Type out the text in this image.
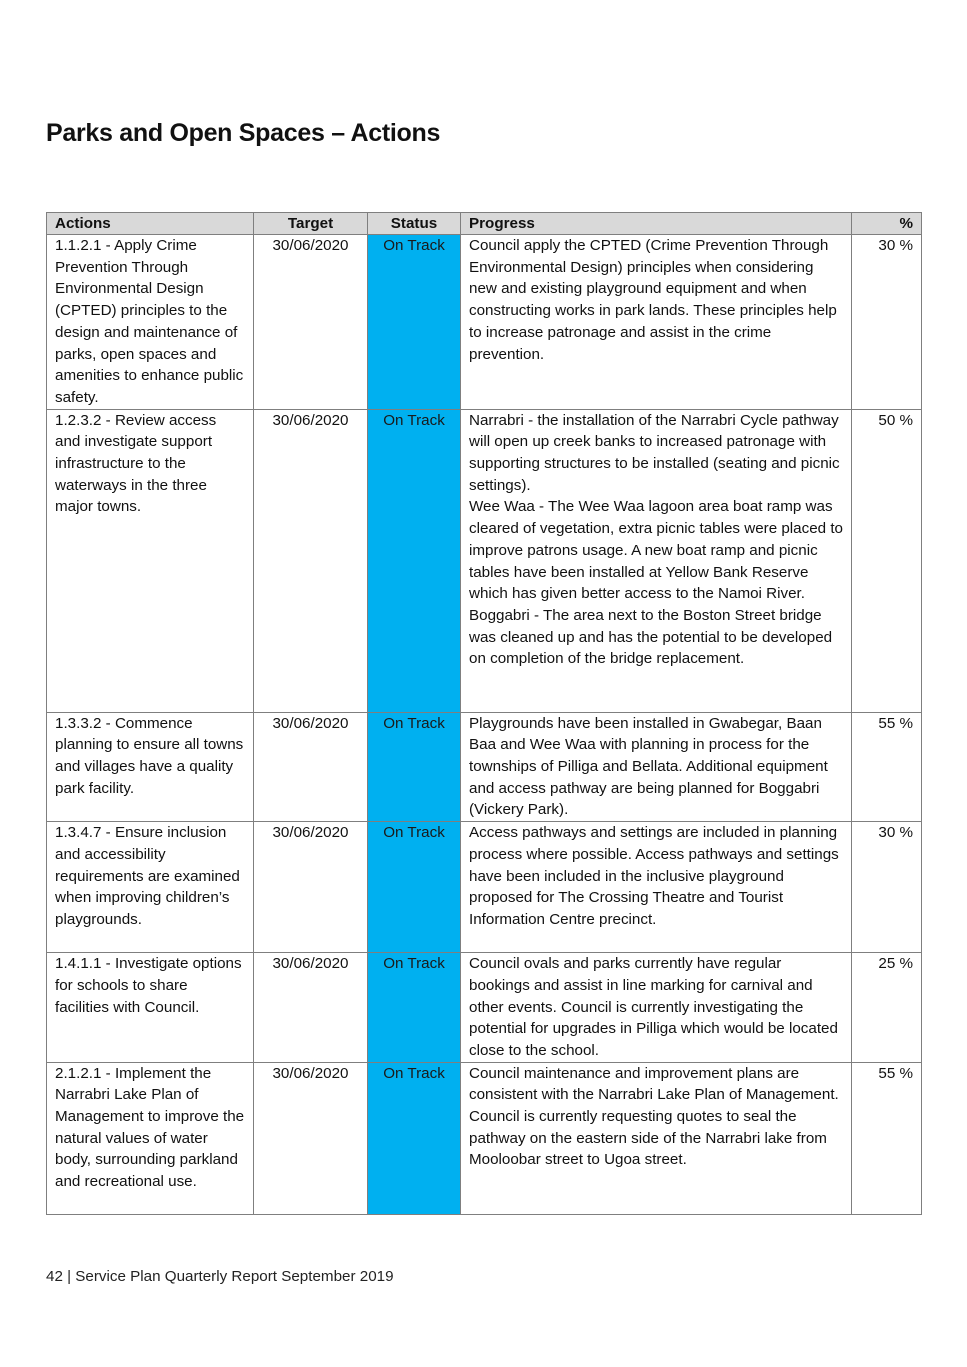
Parks and Open Spaces – Actions
Actions	Target	Status	Progress	%
1.1.2.1 - Apply Crime Prevention Through Environmental Design (CPTED) principles to the design and maintenance of parks, open spaces and amenities to enhance public safety.	30/06/2020	On Track	Council apply the CPTED (Crime Prevention Through Environmental Design) principles when considering new and existing playground equipment and when constructing works in park lands. These principles help to increase patronage and assist in the crime prevention.	30 %
1.2.3.2 - Review access and investigate support infrastructure to the waterways in the three major towns.	30/06/2020	On Track	Narrabri - the installation of the Narrabri Cycle pathway will open up creek banks to increased patronage with supporting structures to be installed (seating and picnic settings).
Wee Waa - The Wee Waa lagoon area boat ramp was cleared of vegetation, extra picnic tables were placed to improve patrons usage. A new boat ramp and picnic tables have been installed at Yellow Bank Reserve which has given better access to the Namoi River.
Boggabri - The area next to the Boston Street bridge was cleaned up and has the potential to be developed on completion of the bridge replacement.	50 %
1.3.3.2 - Commence planning to ensure all towns and villages have a quality park facility.	30/06/2020	On Track	Playgrounds have been installed in Gwabegar, Baan Baa and Wee Waa with planning in process for the townships of Pilliga and Bellata. Additional equipment and access pathway are being planned for Boggabri (Vickery Park).	55 %
1.3.4.7 - Ensure inclusion and accessibility requirements are examined when improving children’s playgrounds.	30/06/2020	On Track	Access pathways and settings are included in planning process where possible. Access pathways and settings have been included in the inclusive playground proposed for The Crossing Theatre and Tourist Information Centre precinct.	30 %
1.4.1.1 - Investigate options for schools to share facilities with Council.	30/06/2020	On Track	Council ovals and parks currently have regular bookings and assist in line marking for carnival and other events. Council is currently investigating the potential for upgrades in Pilliga which would be located close to the school.	25 %
2.1.2.1 - Implement the Narrabri Lake Plan of Management to improve the natural values of water body, surrounding parkland and recreational use.	30/06/2020	On Track	Council maintenance and improvement plans are consistent with the Narrabri Lake Plan of Management. Council is currently requesting quotes to seal the pathway on the eastern side of the Narrabri lake from Mooloobar street to Ugoa street.	55 %
42 | Service Plan Quarterly Report September 2019
